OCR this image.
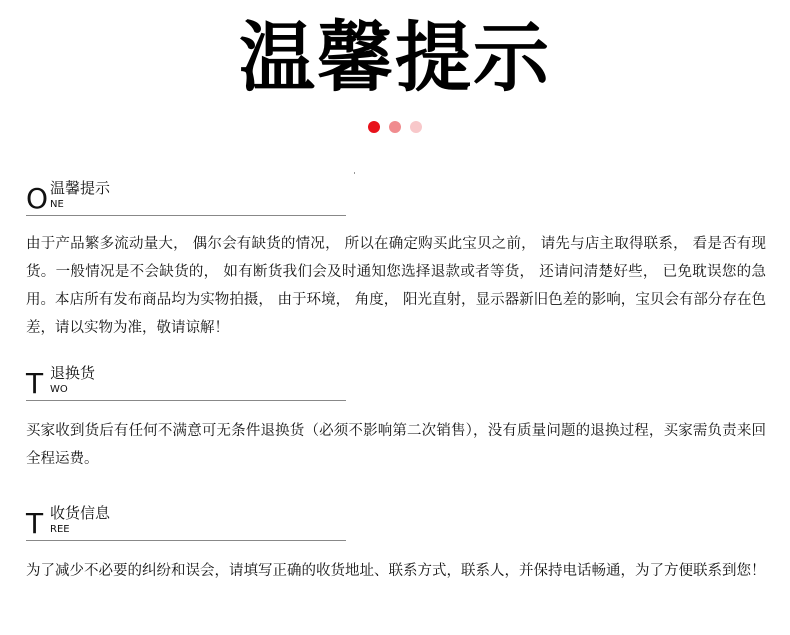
温馨提示
O 温馨提示
NE
由于产品繁多流动量大， 偶尔会有缺货的情况， 所以在确定购买此宝贝之前， 请先与店主取得联系， 看是否有现货。一般情况是不会缺货的， 如有断货我们会及时通知您选择退款或者等货， 还请问清楚好些， 已免耽误您的急用。本店所有发布商品均为实物拍摄， 由于环境， 角度， 阳光直射，显示器新旧色差的影响，宝贝会有部分存在色差，请以实物为准，敬请谅解！
T 退换货
WO
买家收到货后有任何不满意可无条件退换货（必须不影响第二次销售），没有质量问题的退换过程，买家需负责来回全程运费。
T 收货信息
REE
为了减少不必要的纠纷和误会，请填写正确的收货地址、联系方式，联系人，并保持电话畅通，为了方便联系到您！
